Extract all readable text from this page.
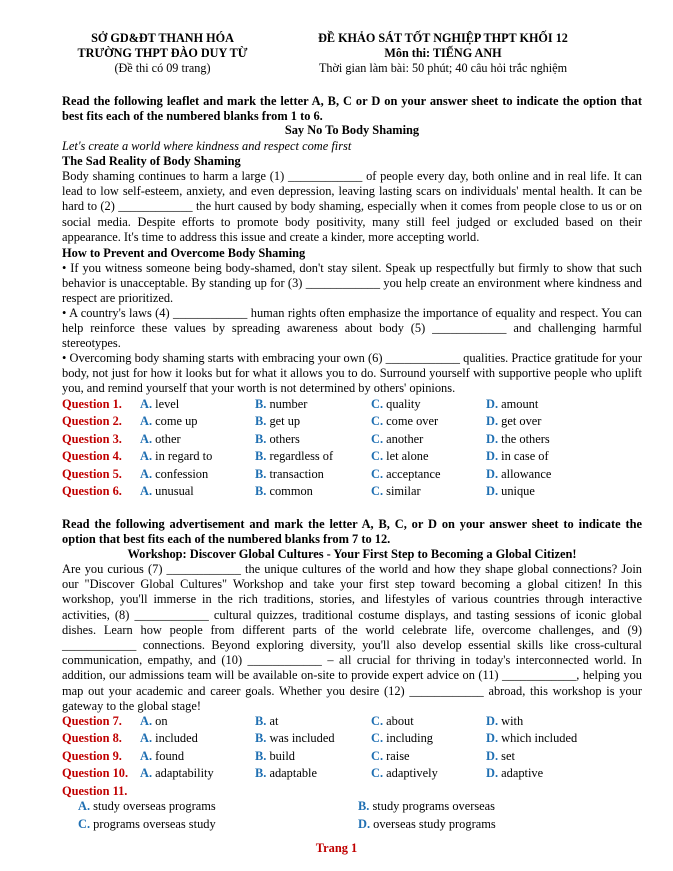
SỞ GD&ĐT THANH HÓA
TRƯỜNG THPT ĐÀO DUY TỪ
(Đề thi có 09 trang)
ĐỀ KHẢO SÁT TỐT NGHIỆP THPT KHỐI 12
Môn thi: TIẾNG ANH
Thời gian làm bài: 50 phút; 40 câu hỏi trắc nghiệm
Read the following leaflet and mark the letter A, B, C or D on your answer sheet to indicate the option that best fits each of the numbered blanks from 1 to 6.
Say No To Body Shaming
Let's create a world where kindness and respect come first
The Sad Reality of Body Shaming
Body shaming continues to harm a large (1) ____________ of people every day, both online and in real life. It can lead to low self-esteem, anxiety, and even depression, leaving lasting scars on individuals' mental health. It can be hard to (2) ____________ the hurt caused by body shaming, especially when it comes from people close to us or on social media. Despite efforts to promote body positivity, many still feel judged or excluded based on their appearance. It's time to address this issue and create a kinder, more accepting world.
How to Prevent and Overcome Body Shaming
• If you witness someone being body-shamed, don't stay silent. Speak up respectfully but firmly to show that such behavior is unacceptable. By standing up for (3) ____________ you help create an environment where kindness and respect are prioritized.
• A country's laws (4) ____________ human rights often emphasize the importance of equality and respect. You can help reinforce these values by spreading awareness about body (5) ____________ and challenging harmful stereotypes.
• Overcoming body shaming starts with embracing your own (6) ____________ qualities. Practice gratitude for your body, not just for how it looks but for what it allows you to do. Surround yourself with supportive people who uplift you, and remind yourself that your worth is not determined by others' opinions.
Question 1. A. level	B. number	C. quality	D. amount
Question 2. A. come up	B. get up	C. come over	D. get over
Question 3. A. other	B. others	C. another	D. the others
Question 4. A. in regard to	B. regardless of	C. let alone	D. in case of
Question 5. A. confession	B. transaction	C. acceptance	D. allowance
Question 6. A. unusual	B. common	C. similar	D. unique
Read the following advertisement and mark the letter A, B, C, or D on your answer sheet to indicate the option that best fits each of the numbered blanks from 7 to 12.
Workshop: Discover Global Cultures - Your First Step to Becoming a Global Citizen!
Are you curious (7) ____________ the unique cultures of the world and how they shape global connections? Join our "Discover Global Cultures" Workshop and take your first step toward becoming a global citizen! In this workshop, you'll immerse in the rich traditions, stories, and lifestyles of various countries through interactive activities, (8) ____________ cultural quizzes, traditional costume displays, and tasting sessions of iconic global dishes. Learn how people from different parts of the world celebrate life, overcome challenges, and (9) ____________ connections. Beyond exploring diversity, you'll also develop essential skills like cross-cultural communication, empathy, and (10) ____________ – all crucial for thriving in today's interconnected world. In addition, our admissions team will be available on-site to provide expert advice on (11) ____________, helping you map out your academic and career goals. Whether you desire (12) ____________ abroad, this workshop is your gateway to the global stage!
Question 7. A. on	B. at	C. about	D. with
Question 8. A. included	B. was included	C. including	D. which included
Question 9. A. found	B. build	C. raise	D. set
Question 10. A. adaptability	B. adaptable	C. adaptively	D. adaptive
Question 11.
A. study overseas programs	B. study programs overseas
C. programs overseas study	D. overseas study programs
Trang 1
